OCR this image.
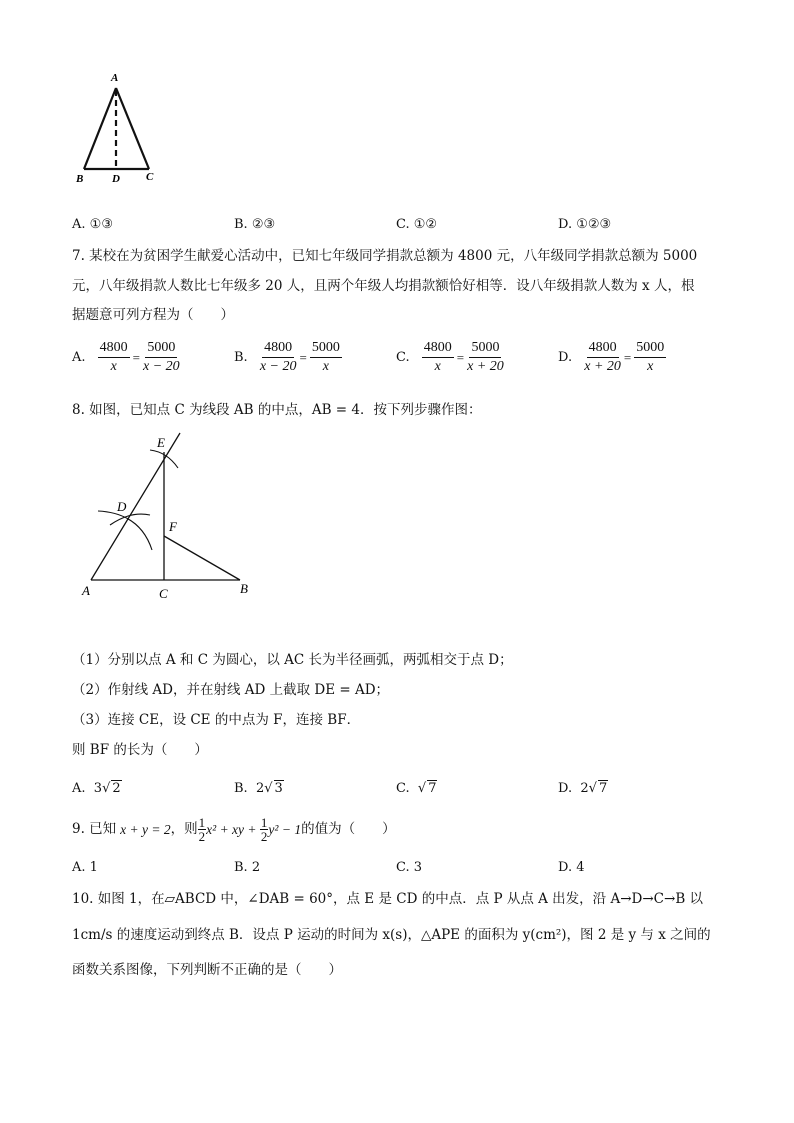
A
B	D C
A. ①③	B. ②③	C. ①②	D. ①②③
7. 某校在为贫困学生献爱心活动中，已知七年级同学捐款总额为 4800 元，八年级同学捐款总额为 5000
元，八年级捐款人数比七年级多 20 人，且两个年级人均捐款额恰好相等．设八年级捐款人数为 x 人，根
据题意可列方程为（　　）
A. $\frac{4800}{x} = \frac{5000}{x - 20}$	B. $\frac{4800}{x - 20} = \frac{5000}{x}$	C. $\frac{4800}{x} = \frac{5000}{x + 20}$	D. $\frac{4800}{x + 20} = \frac{5000}{x}$
8. 如图，已知点 C 为线段 AB 的中点，AB = 4．按下列步骤作图：
E
D
F
A	C	B
（1）分别以点 A 和 C 为圆心，以 AC 长为半径画弧，两弧相交于点 D；
（2）作射线 AD，并在射线 AD 上截取 DE = AD；
（3）连接 CE，设 CE 的中点为 F，连接 BF．
则 BF 的长为（　　）
A. 3√ 2	B. 2√ 3	C. √ 7	D. 2√ 7
9. 已知 x + y = 2 ，则 $\frac{1}{2} x^2$ + xy + $\frac{1}{2} y^2 - 1$ 的值为（　　）
A. 1	B. 2	C. 3	D. 4
10. 如图 1，在▱ABCD 中，∠DAB = 60°，点 E 是 CD 的中点．点 P 从点 A 出发，沿 A→D→C→B 以
1cm/s 的速度运动到终点 B．设点 P 运动的时间为 x(s)，△APE 的面积为 y(cm²)，图 2 是 y 与 x 之间的
函数关系图像，下列判断不正确的是（　　）
